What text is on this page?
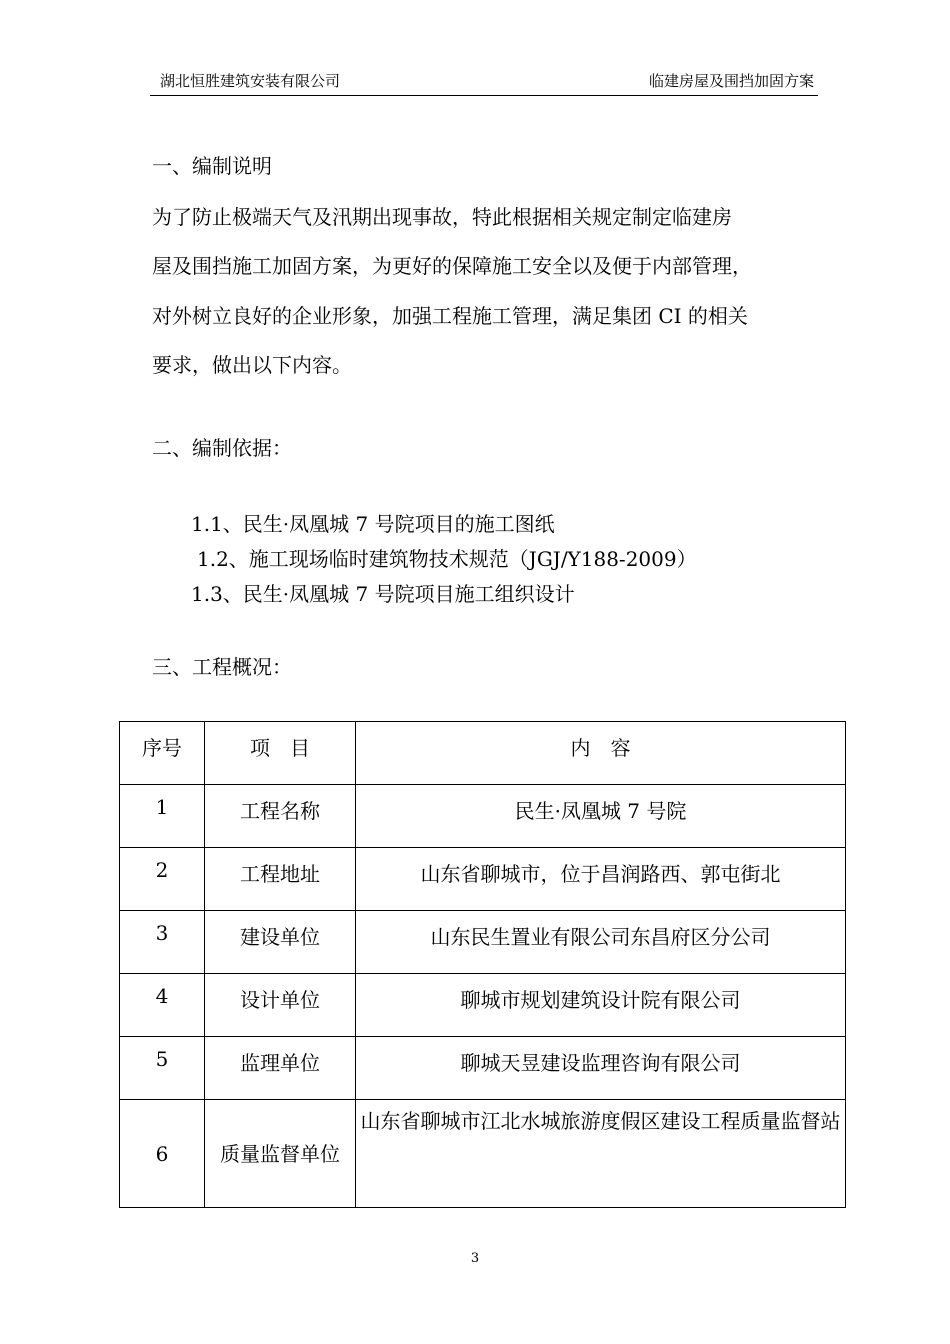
湖北恒胜建筑安装有限公司	临建房屋及围挡加固方案
一、编制说明
为了防止极端天气及汛期出现事故，特此根据相关规定制定临建房
屋及围挡施工加固方案，为更好的保障施工安全以及便于内部管理，
对外树立良好的企业形象，加强工程施工管理，满足集团 CI 的相关
要求，做出以下内容。
二、编制依据：
1.1、民生·凤凰城 7 号院项目的施工图纸
1.2、施工现场临时建筑物技术规范（JGJ/Y188-2009）
1.3、民生·凤凰城 7 号院项目施工组织设计
三、工程概况：
序号	项　目	内　容
1	工程名称	民生·凤凰城 7 号院
2	工程地址	山东省聊城市，位于昌润路西、郭屯街北
3	建设单位	山东民生置业有限公司东昌府区分公司
4	设计单位	聊城市规划建筑设计院有限公司
5	监理单位	聊城天昱建设监理咨询有限公司
6	质量监督单位	山东省聊城市江北水城旅游度假区建设工程质量监督站
3
